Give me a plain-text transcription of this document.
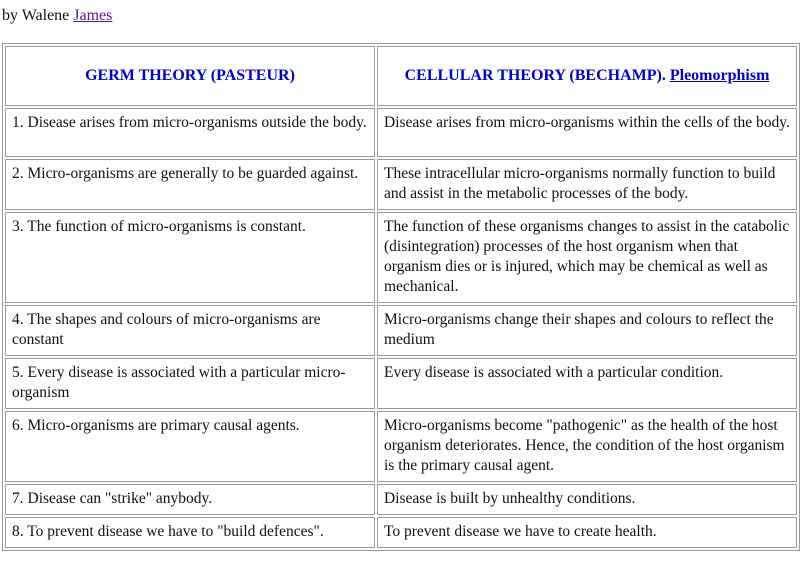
by Walene James
GERM THEORY (PASTEUR)	CELLULAR THEORY (BECHAMP). Pleomorphism
1. Disease arises from micro-organisms outside the body.	Disease arises from micro-organisms within the cells of the body.
2. Micro-organisms are generally to be guarded against.	These intracellular micro-organisms normally function to build and assist in the metabolic processes of the body.
3. The function of micro-organisms is constant.	The function of these organisms changes to assist in the catabolic (disintegration) processes of the host organism when that organism dies or is injured, which may be chemical as well as mechanical.
4. The shapes and colours of micro-organisms are constant	Micro-organisms change their shapes and colours to reflect the medium
5. Every disease is associated with a particular micro-organism	Every disease is associated with a particular condition.
6. Micro-organisms are primary causal agents.	Micro-organisms become "pathogenic" as the health of the host organism deteriorates. Hence, the condition of the host organism is the primary causal agent.
7. Disease can "strike" anybody.	Disease is built by unhealthy conditions.
8. To prevent disease we have to "build defences".	To prevent disease we have to create health.
